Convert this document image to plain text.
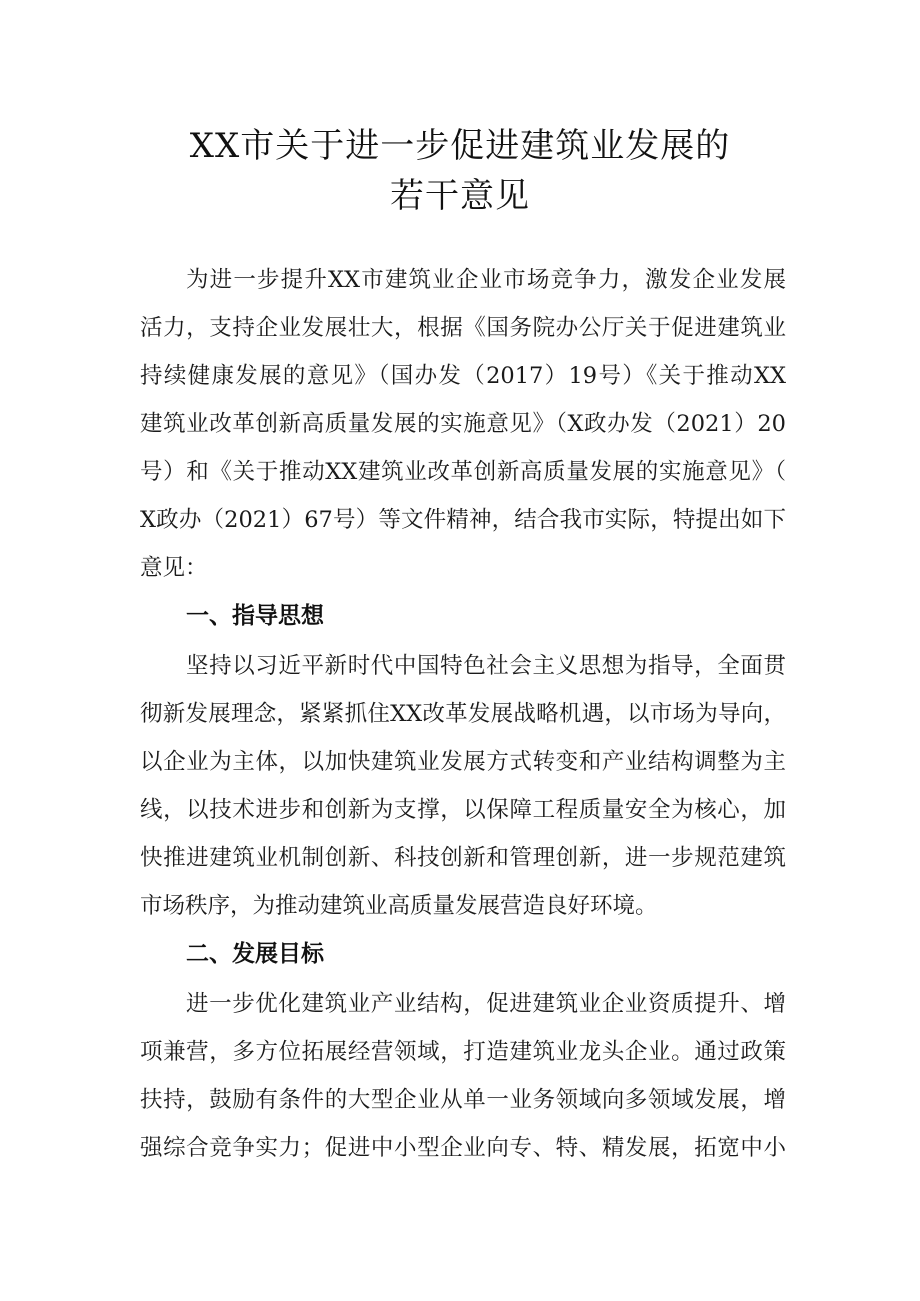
XX市关于进一步促进建筑业发展的
若干意见
为进一步提升XX市建筑业企业市场竞争力，激发企业发展
活力，支持企业发展壮大，根据《国务院办公厅关于促进建筑业
持续健康发展的意见》（国办发（2017）19号）《关于推动XX
建筑业改革创新高质量发展的实施意见》（X政办发（2021）20
号）和《关于推动XX建筑业改革创新高质量发展的实施意见》（
X政办（2021）67号）等文件精神，结合我市实际，特提出如下
意见：
一、指导思想
坚持以习近平新时代中国特色社会主义思想为指导，全面贯
彻新发展理念，紧紧抓住XX改革发展战略机遇，以市场为导向，
以企业为主体，以加快建筑业发展方式转变和产业结构调整为主
线，以技术进步和创新为支撑，以保障工程质量安全为核心，加
快推进建筑业机制创新、科技创新和管理创新，进一步规范建筑
市场秩序，为推动建筑业高质量发展营造良好环境。
二、发展目标
进一步优化建筑业产业结构，促进建筑业企业资质提升、增
项兼营，多方位拓展经营领域，打造建筑业龙头企业。通过政策
扶持，鼓励有条件的大型企业从单一业务领域向多领域发展，增
强综合竞争实力；促进中小型企业向专、特、精发展，拓宽中小
